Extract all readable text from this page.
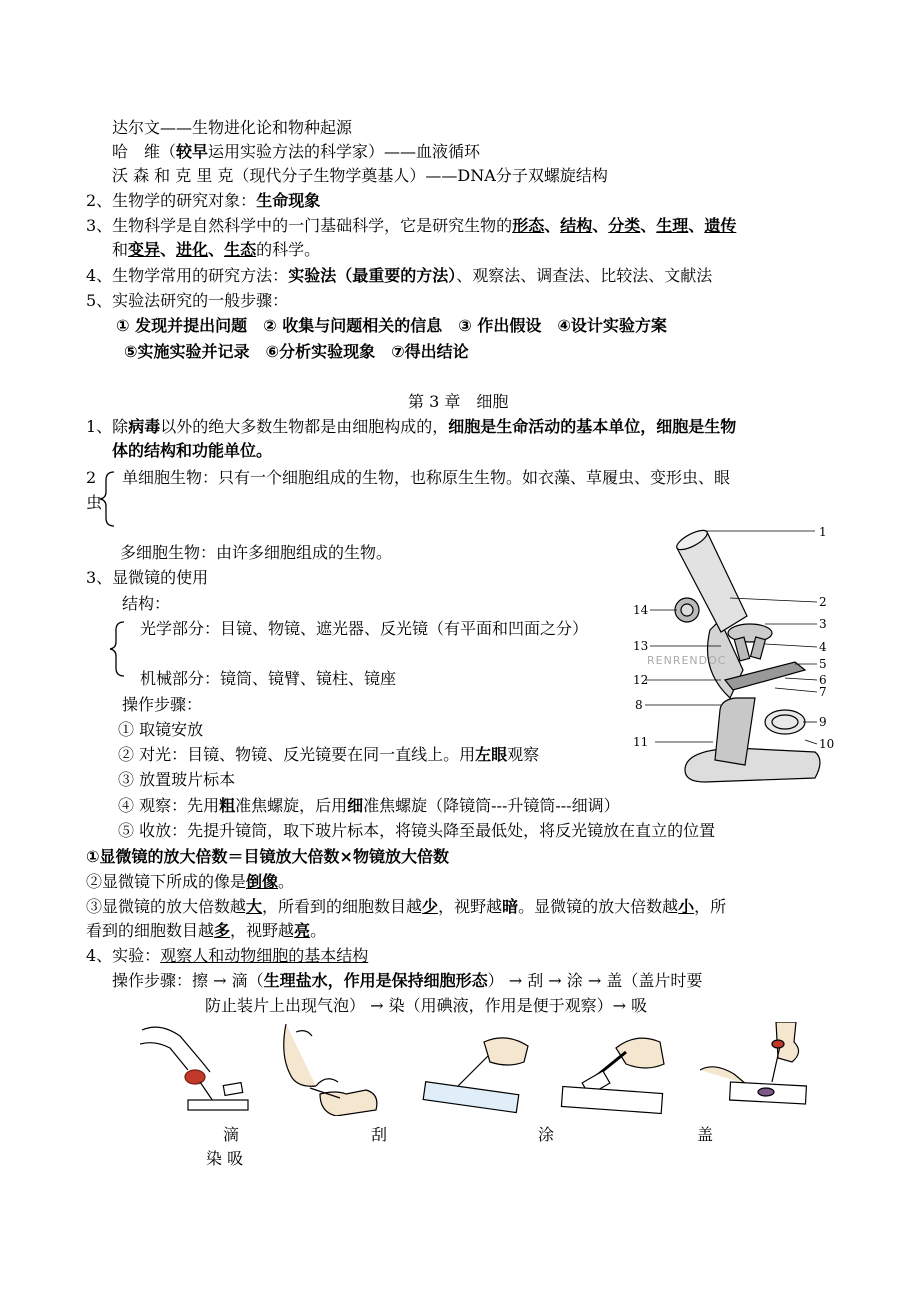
达尔文——生物进化论和物种起源
哈　维（较早运用实验方法的科学家）——血液循环
沃 森 和 克 里 克（现代分子生物学奠基人）——DNA分子双螺旋结构
2、生物学的研究对象：生命现象
3、生物科学是自然科学中的一门基础科学，它是研究生物的形态、结构、分类、生理、遗传
和变异、进化、生态的科学。
4、生物学常用的研究方法：实验法（最重要的方法）、观察法、调查法、比较法、文献法
5、实验法研究的一般步骤：
① 发现并提出问题　② 收集与问题相关的信息　③ 作出假设　④设计实验方案
⑤实施实验并记录　⑥分析实验现象　⑦得出结论
第 3 章　细胞
1、除病毒以外的绝大多数生物都是由细胞构成的，细胞是生命活动的基本单位，细胞是生物
体的结构和功能单位。
2
虫
单细胞生物：只有一个细胞组成的生物，也称原生生物。如衣藻、草履虫、变形虫、眼
多细胞生物：由许多细胞组成的生物。
3、显微镜的使用
结构：
光学部分：目镜、物镜、遮光器、反光镜（有平面和凹面之分）
机械部分：镜筒、镜臂、镜柱、镜座
操作步骤：
① 取镜安放
② 对光：目镜、物镜、反光镜要在同一直线上。用左眼观察
③ 放置玻片标本
④ 观察：先用粗准焦螺旋，后用细准焦螺旋（降镜筒---升镜筒---细调）
⑤ 收放：先提升镜筒，取下玻片标本，将镜头降至最低处，将反光镜放在直立的位置
①显微镜的放大倍数＝目镜放大倍数×物镜放大倍数
②显微镜下所成的像是倒像。
③显微镜的放大倍数越大，所看到的细胞数目越少，视野越暗。显微镜的放大倍数越小，所
看到的细胞数目越多，视野越亮。
4、实验：观察人和动物细胞的基本结构
操作步骤：擦 → 滴（生理盐水，作用是保持细胞形态） → 刮 → 涂 → 盖（盖片时要
防止装片上出现气泡） → 染（用碘液，作用是便于观察）→ 吸
1
2
3
4
5
6
7
8
9
10
11
12
13
14
RENRENDOC
滴	刮	涂	盖
染 吸
